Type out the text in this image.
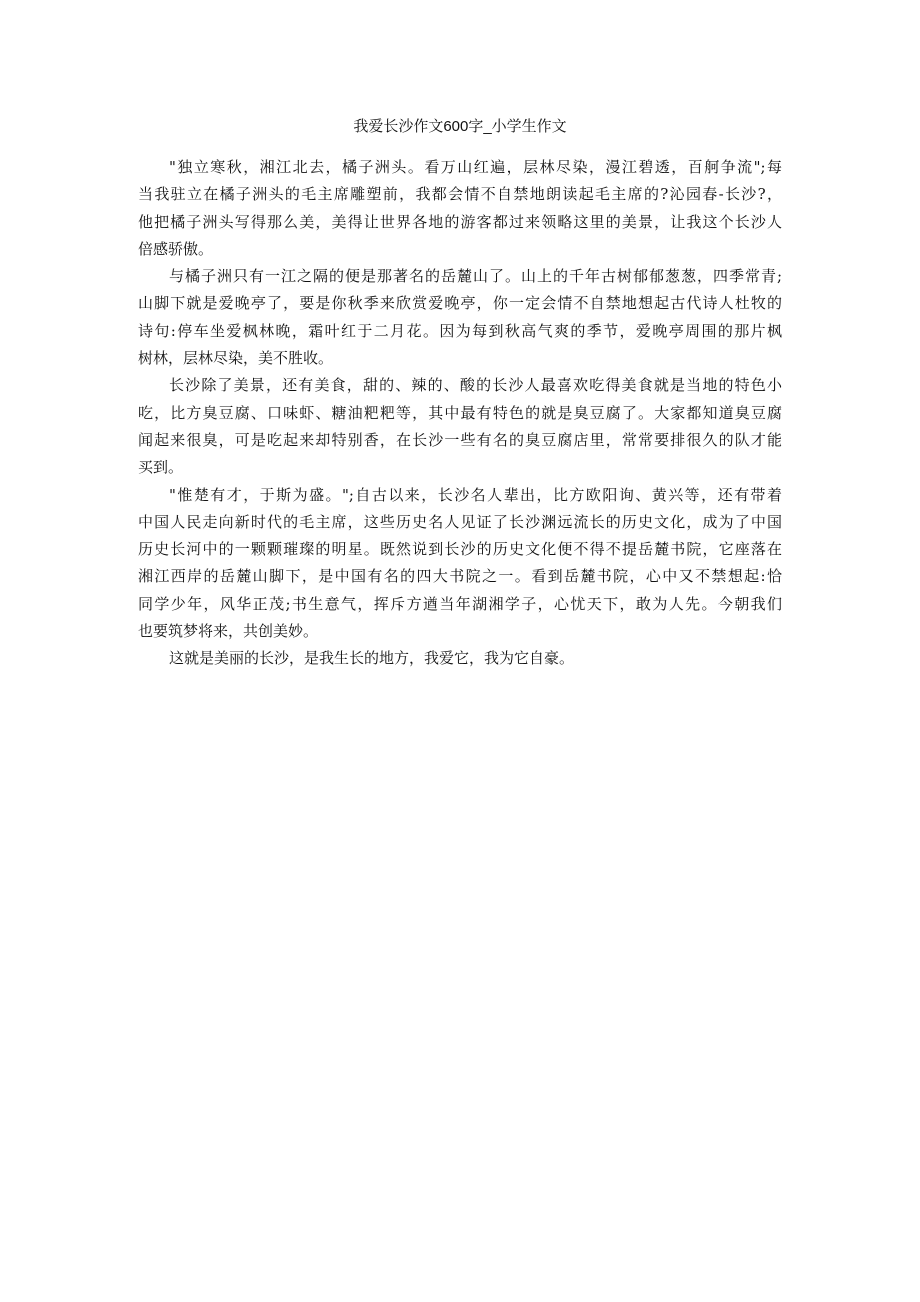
我爱长沙作文600字_小学生作文
"独立寒秋，湘江北去，橘子洲头。看万山红遍，层林尽染，漫江碧透，百舸争流";每
当我驻立在橘子洲头的毛主席雕塑前，我都会情不自禁地朗读起毛主席的?沁园春-长沙?，
他把橘子洲头写得那么美，美得让世界各地的游客都过来领略这里的美景，让我这个长沙人
倍感骄傲。
与橘子洲只有一江之隔的便是那著名的岳麓山了。山上的千年古树郁郁葱葱，四季常青;
山脚下就是爱晚亭了，要是你秋季来欣赏爱晚亭，你一定会情不自禁地想起古代诗人杜牧的
诗句:停车坐爱枫林晚，霜叶红于二月花。因为每到秋高气爽的季节，爱晚亭周围的那片枫
树林，层林尽染，美不胜收。
长沙除了美景，还有美食，甜的、辣的、酸的长沙人最喜欢吃得美食就是当地的特色小
吃，比方臭豆腐、口味虾、糖油粑粑等，其中最有特色的就是臭豆腐了。大家都知道臭豆腐
闻起来很臭，可是吃起来却特别香，在长沙一些有名的臭豆腐店里，常常要排很久的队才能
买到。
"惟楚有才，于斯为盛。";自古以来，长沙名人辈出，比方欧阳询、黄兴等，还有带着
中国人民走向新时代的毛主席，这些历史名人见证了长沙渊远流长的历史文化，成为了中国
历史长河中的一颗颗璀璨的明星。既然说到长沙的历史文化便不得不提岳麓书院，它座落在
湘江西岸的岳麓山脚下，是中国有名的四大书院之一。看到岳麓书院，心中又不禁想起:恰
同学少年，风华正茂;书生意气，挥斥方遒当年湖湘学子，心忧天下，敢为人先。今朝我们
也要筑梦将来，共创美妙。
这就是美丽的长沙，是我生长的地方，我爱它，我为它自豪。
